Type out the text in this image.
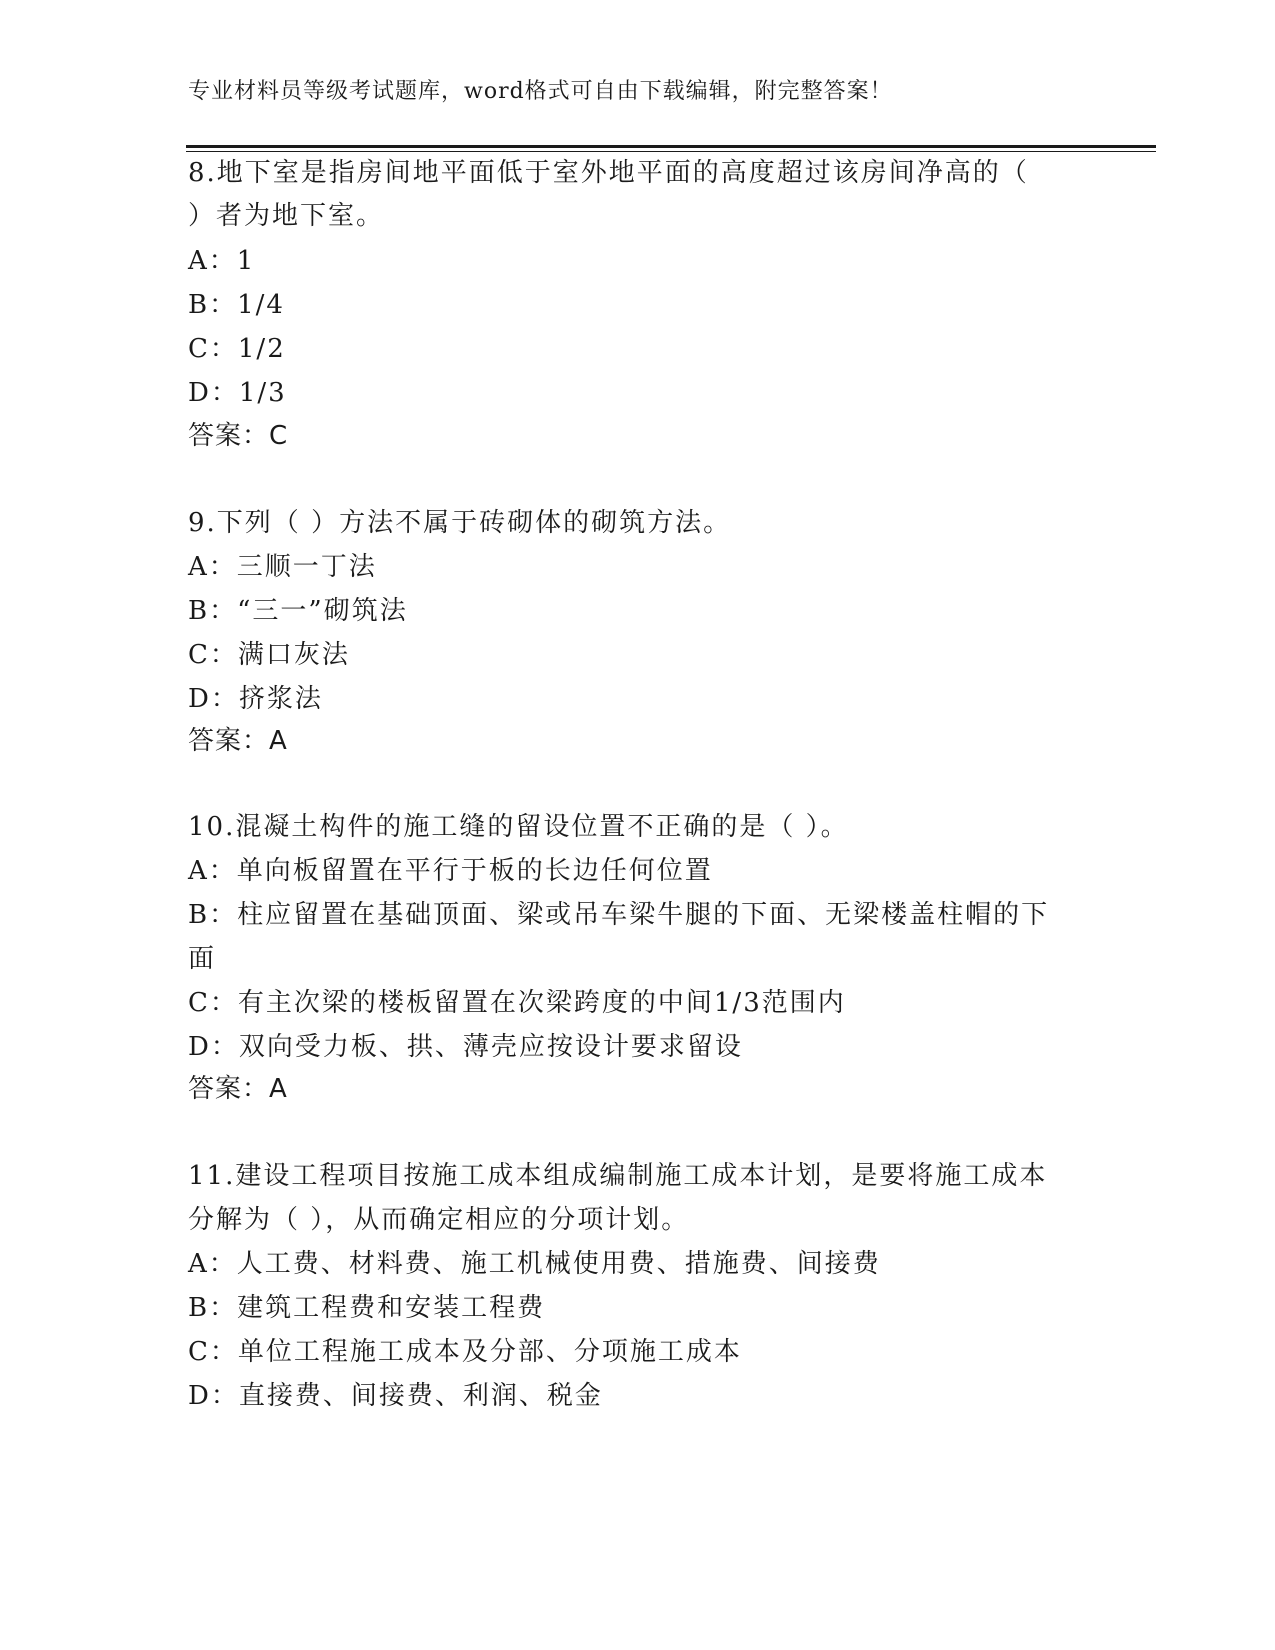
专业材料员等级考试题库，word格式可自由下载编辑，附完整答案！
8.地下室是指房间地平面低于室外地平面的高度超过该房间净高的（
）者为地下室。
A：1
B：1/4
C：1/2
D：1/3
答案：C
9.下列（ ）方法不属于砖砌体的砌筑方法。
A：三顺一丁法
B：“三一”砌筑法
C：满口灰法
D：挤浆法
答案：A
10.混凝土构件的施工缝的留设位置不正确的是（ ）。
A：单向板留置在平行于板的长边任何位置
B：柱应留置在基础顶面、梁或吊车梁牛腿的下面、无梁楼盖柱帽的下
面
C：有主次梁的楼板留置在次梁跨度的中间1/3范围内
D：双向受力板、拱、薄壳应按设计要求留设
答案：A
11.建设工程项目按施工成本组成编制施工成本计划，是要将施工成本
分解为（ ），从而确定相应的分项计划。
A：人工费、材料费、施工机械使用费、措施费、间接费
B：建筑工程费和安装工程费
C：单位工程施工成本及分部、分项施工成本
D：直接费、间接费、利润、税金
